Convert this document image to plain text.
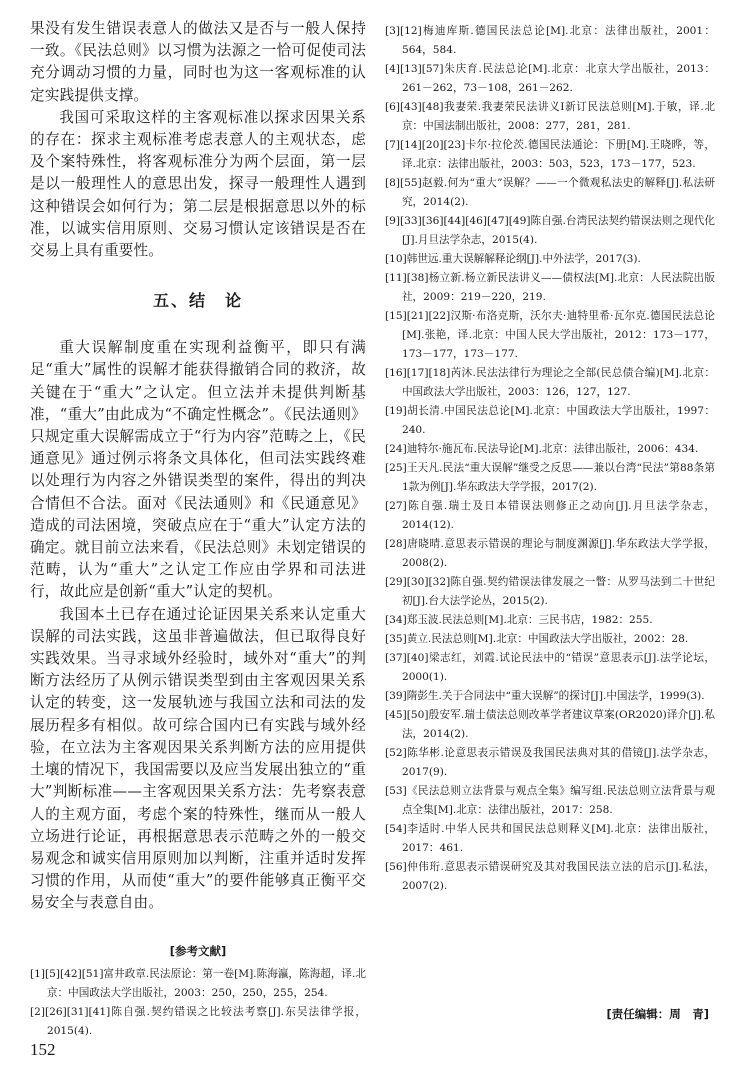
果没有发生错误表意人的做法又是否与一般人保持一致。《民法总则》以习惯为法源之一恰可促使司法充分调动习惯的力量，同时也为这一客观标准的认定实践提供支撑。

我国可采取这样的主客观标准以探求因果关系的存在：探求主观标准考虑表意人的主观状态，虑及个案特殊性，将客观标准分为两个层面，第一层是以一般理性人的意思出发，探寻一般理性人遇到这种错误会如何行为；第二层是根据意思以外的标准，以诚实信用原则、交易习惯认定该错误是否在交易上具有重要性。

五、结　论

重大误解制度重在实现利益衡平，即只有满足“重大”属性的误解才能获得撤销合同的救济，故关键在于“重大”之认定。但立法并未提供判断基准，“重大”由此成为“不确定性概念”。《民法通则》只规定重大误解需成立于“行为内容”范畴之上，《民通意见》通过例示将条文具体化，但司法实践终难以处理行为内容之外错误类型的案件，得出的判决合情但不合法。面对《民法通则》和《民通意见》造成的司法困境，突破点应在于“重大”认定方法的确定。就目前立法来看，《民法总则》未划定错误的范畴，认为“重大”之认定工作应由学界和司法进行，故此应是创新“重大”认定的契机。

我国本土已存在通过论证因果关系来认定重大误解的司法实践，这虽非普遍做法，但已取得良好实践效果。当寻求域外经验时，域外对“重大”的判断方法经历了从例示错误类型到由主客观因果关系认定的转变，这一发展轨迹与我国立法和司法的发展历程多有相似。故可综合国内已有实践与域外经验，在立法为主客观因果关系判断方法的应用提供土壤的情况下，我国需要以及应当发展出独立的“重大”判断标准——主客观因果关系方法：先考察表意人的主观方面，考虑个案的特殊性，继而从一般人立场进行论证，再根据意思表示范畴之外的一般交易观念和诚实信用原则加以判断，注重并适时发挥习惯的作用，从而使“重大”的要件能够真正衡平交易安全与表意自由。

[参考文献]

[1][5][42][51]富井政章.民法原论：第一卷[M].陈海瀛，陈海超，译.北京：中国政法大学出版社，2003：250，250，255，254.

[2][26][31][41]陈自强.契约错误之比较法考察[J].东吴法律学报，2015(4).

[3][12]梅迪库斯.德国民法总论[M].北京：法律出版社，2001：564，584.

[4][13][57]朱庆育.民法总论[M].北京：北京大学出版社，2013：261－262，73－108，261－262.

[6][43][48]我妻荣.我妻荣民法讲义Ⅰ新订民法总则[M].于敏，译.北京：中国法制出版社，2008：277，281，281.

[7][14][20][23]卡尔·拉伦茨.德国民法通论：下册[M].王晓晔，等，译.北京：法律出版社，2003：503，523，173－177，523.

[8][55]赵毅.何为“重大”误解？——一个微观私法史的解释[J].私法研究，2014(2).

[9][33][36][44][46][47][49]陈自强.台湾民法契约错误法则之现代化[J].月旦法学杂志，2015(4).

[10]韩世远.重大误解解释论纲[J].中外法学，2017(3).

[11][38]杨立新.杨立新民法讲义——债权法[M].北京：人民法院出版社，2009：219－220，219.

[15][21][22]汉斯·布洛克斯，沃尔夫·迪特里希·瓦尔克.德国民法总论[M].张艳，译.北京：中国人民大学出版社，2012：173－177，173－177，173－177.

[16][17][18]芮沐.民法法律行为理论之全部(民总债合编)[M].北京：中国政法大学出版社，2003：126，127，127.

[19]胡长清.中国民法总论[M].北京：中国政法大学出版社，1997：240.

[24]迪特尔·施瓦布.民法导论[M].北京：法律出版社，2006：434.

[25]王天凡.民法“重大误解”继受之反思——兼以台湾“民法”第88条第1款为例[J].华东政法大学学报，2017(2).

[27]陈自强.瑞士及日本错误法则修正之动向[J].月旦法学杂志，2014(12).

[28]唐晓晴.意思表示错误的理论与制度渊源[J].华东政法大学学报，2008(2).

[29][30][32]陈自强.契约错误法律发展之一瞥：从罗马法到二十世纪初[J].台大法学论丛，2015(2).

[34]郑玉波.民法总则[M].北京：三民书店，1982：255.

[35]黄立.民法总则[M].北京：中国政法大学出版社，2002：28.

[37][40]梁志红，刘霞.试论民法中的“错误”意思表示[J].法学论坛，2000(1).

[39]隋彭生.关于合同法中“重大误解”的探讨[J].中国法学，1999(3).

[45][50]殷安军.瑞士债法总则改革学者建议草案(OR2020)译介[J].私法，2014(2).

[52]陈华彬.论意思表示错误及我国民法典对其的借镜[J].法学杂志，2017(9).

[53]《民法总则立法背景与观点全集》编写组.民法总则立法背景与观点全集[M].北京：法律出版社，2017：258.

[54]李适时.中华人民共和国民法总则释义[M].北京：法律出版社，2017：461.

[56]仲伟珩.意思表示错误研究及其对我国民法立法的启示[J].私法，2007(2).

[责任编辑：周　青]
152
